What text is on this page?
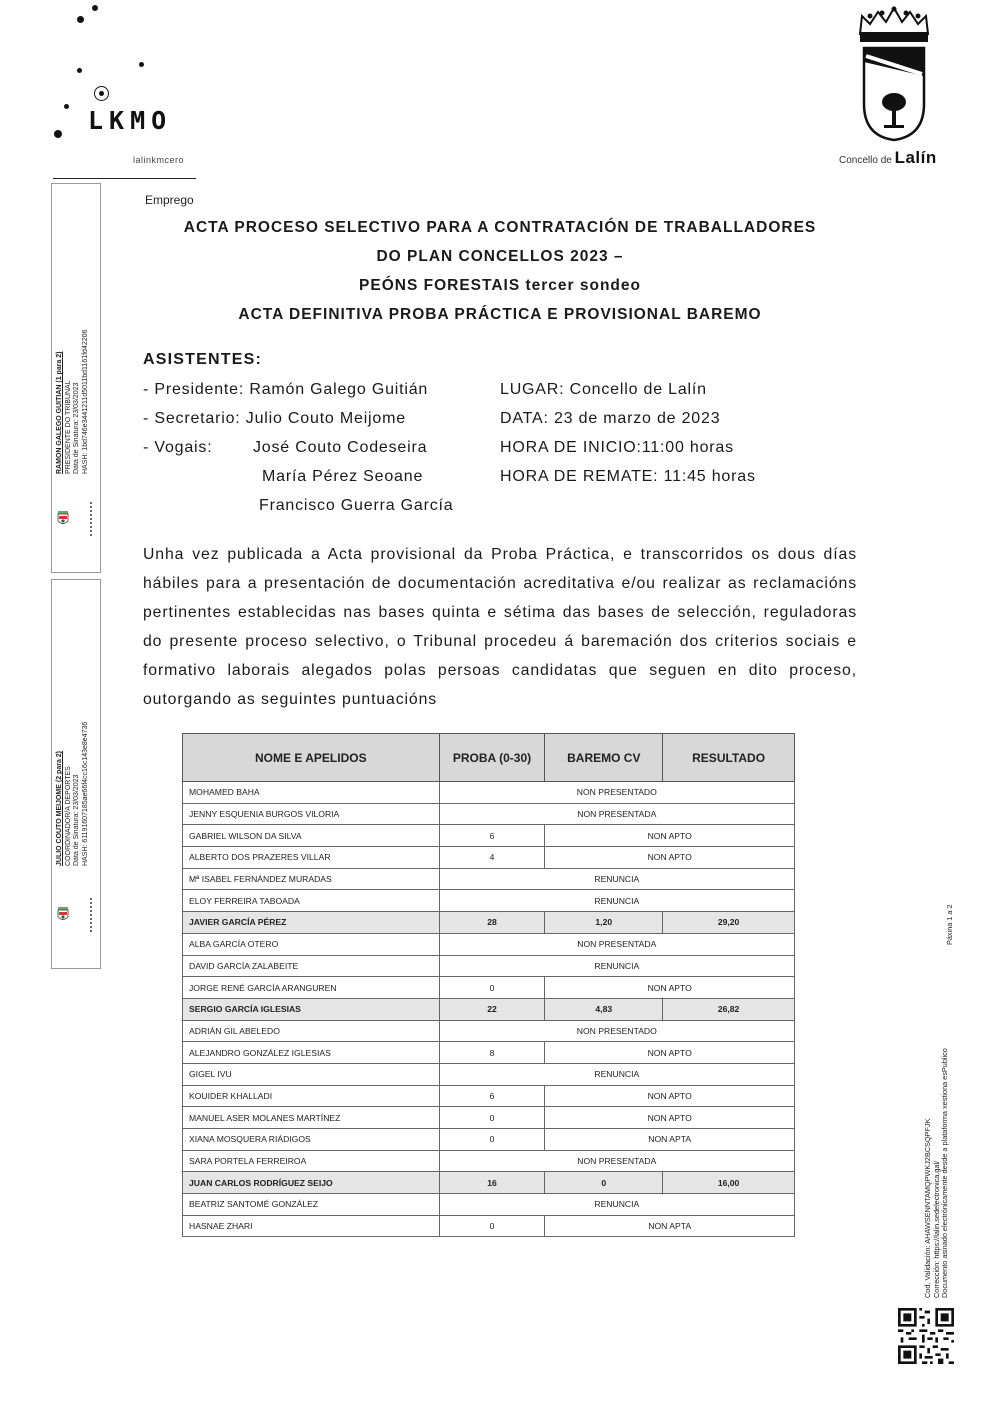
LKMO
lalinkmcero	Concello de Lalín
RAMON GALEGO GUITIAN (1 para 2) PRESIDENTE DO TRIBUNAL Data de Sinatura: 23/03/2023 HASH: 1bd746e3441211d5011bd1161fd42206
JULIO COUTO MEIJOME (2 para 2) COORDINADOR/A DEPORTES Data de Sinatura: 23/03/2023 HASH: 61191607185ae66f4cc16c143e8e4736
Emprego
ACTA PROCESO SELECTIVO PARA A CONTRATACIÓN DE TRABALLADORES
DO PLAN CONCELLOS 2023 –
PEÓNS FORESTAIS tercer sondeo
ACTA DEFINITIVA PROBA PRÁCTICA E PROVISIONAL BAREMO
ASISTENTES:
- Presidente: Ramón Galego Guitián
- Secretario: Julio Couto Meijome
- Vogais:	José Couto Codeseira
María Pérez Seoane
Francisco Guerra García
LUGAR: Concello de Lalín
DATA: 23 de marzo de 2023
HORA DE INICIO:11:00 horas
HORA DE REMATE: 11:45 horas
Unha vez publicada a Acta provisional da Proba Práctica, e transcorridos os dous días hábiles para a presentación de documentación acreditativa e/ou realizar as reclamacións pertinentes establecidas nas bases quinta e sétima das bases de selección, reguladoras do presente proceso selectivo, o Tribunal procedeu á baremación dos criterios sociais e formativo laborais alegados polas persoas candidatas que seguen en dito proceso, outorgando as seguintes puntuacións
NOME E APELIDOS	PROBA (0-30)	BAREMO CV	RESULTADO
MOHAMED BAHA	NON PRESENTADO		
JENNY ESQUENIA BURGOS VILORIA	NON PRESENTADA		
GABRIEL WILSON DA SILVA	6	NON APTO	
ALBERTO DOS PRAZERES VILLAR	4	NON APTO	
Mª ISABEL FERNÁNDEZ MURADAS	RENUNCIA		
ELOY FERREIRA TABOADA	RENUNCIA		
JAVIER GARCÍA PÉREZ	28	1,20	29,20
ALBA GARCÍA OTERO	NON PRESENTADA		
DAVID GARCÍA ZALABEITE	RENUNCIA		
JORGE RENÉ GARCÍA ARANGUREN	0	NON APTO	
SERGIO GARCÍA IGLESIAS	22	4,83	26,82
ADRIÁN GIL ABELEDO	NON PRESENTADO		
ALEJANDRO GONZÁLEZ IGLESIAS	8	NON APTO	
GIGEL IVU	RENUNCIA		
KOUIDER KHALLADI	6	NON APTO	
MANUEL ASER MOLANES MARTÍNEZ	0	NON APTO	
XIANA MOSQUERA RIÁDIGOS	0	NON APTA	
SARA PORTELA FERREIROA	NON PRESENTADA		
JUAN CARLOS RODRÍGUEZ SEIJO	16	0	16,00
BEATRIZ SANTOMÉ GONZÁLEZ	RENUNCIA		
HASNAE ZHARI	0	NON APTA		Cod. Validación: AHAWSENNTAMQPWKJ2BCSQPFJK Corrección: https://lalin.sedelectronica.gal/ Documento asinado electrónicamente desde a plataforma xestiona esPublico
Páxina 1 a 2
